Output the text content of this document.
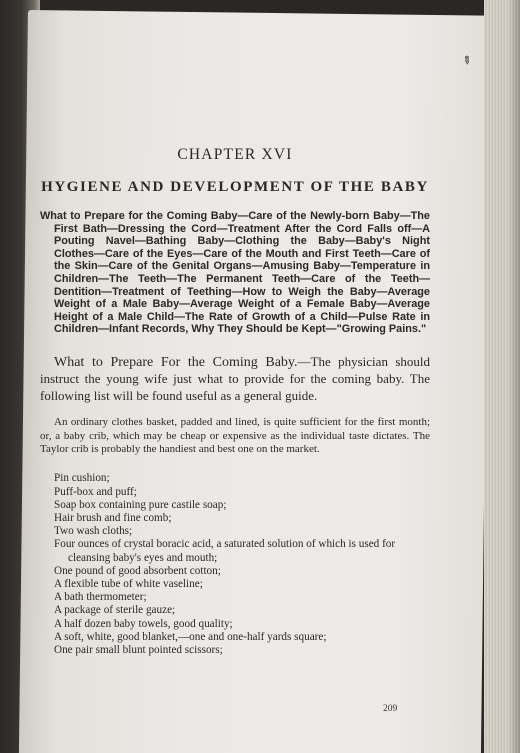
✎
CHAPTER XVI
HYGIENE AND DEVELOPMENT OF THE BABY

What to Prepare for the Coming Baby—Care of the Newly-born Baby—The First Bath—Dressing the Cord—Treatment After the Cord Falls off—A Pouting Navel—Bathing Baby—Clothing the Baby—Baby's Night Clothes—Care of the Eyes—Care of the Mouth and First Teeth—Care of the Skin—Care of the Genital Organs—Amusing Baby—Temperature in Children—The Teeth—The Permanent Teeth—Care of the Teeth—Dentition—Treatment of Teething—How to Weigh the Baby—Average Weight of a Male Baby—Average Weight of a Female Baby—Average Height of a Male Child—The Rate of Growth of a Child—Pulse Rate in Children—Infant Records, Why They Should be Kept—"Growing Pains."

What to Prepare For the Coming Baby.—The physician should instruct the young wife just what to provide for the coming baby. The following list will be found useful as a general guide.

An ordinary clothes basket, padded and lined, is quite sufficient for the first month; or, a baby crib, which may be cheap or expensive as the individual taste dictates. The Taylor crib is probably the handiest and best one on the market.

Pin cushion;
Puff-box and puff;
Soap box containing pure castile soap;
Hair brush and fine comb;
Two wash cloths;
Four ounces of crystal boracic acid, a saturated solution of which is used for cleansing baby's eyes and mouth;
One pound of good absorbent cotton;
A flexible tube of white vaseline;
A bath thermometer;
A package of sterile gauze;
A half dozen baby towels, good quality;
A soft, white, good blanket,—one and one-half yards square;
One pair small blunt pointed scissors;
209
